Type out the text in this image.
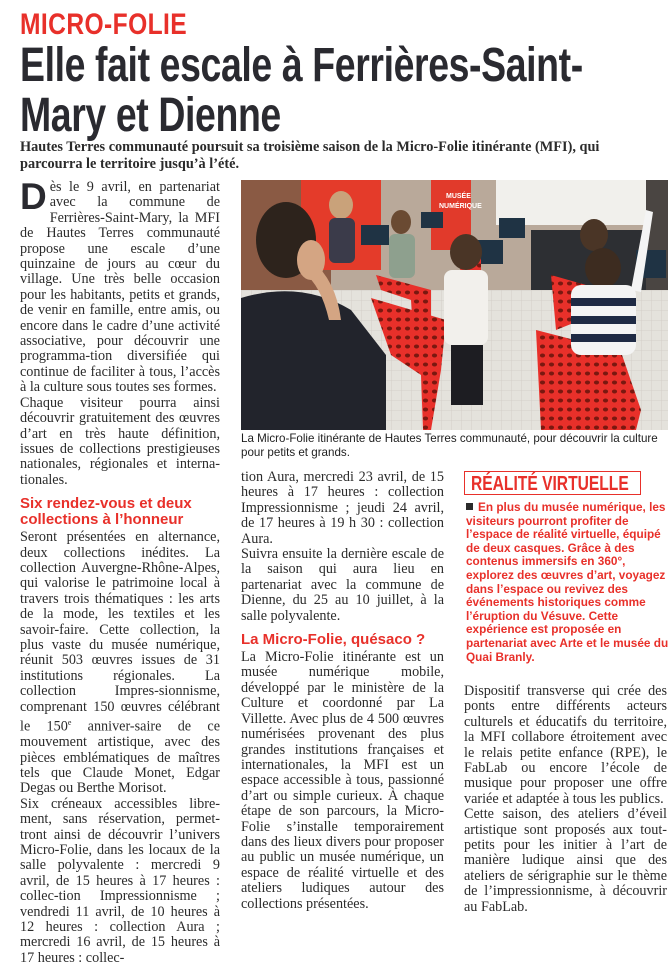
MICRO-FOLIE
Elle fait escale à Ferrières-Saint-Mary et Dienne
Hautes Terres communauté poursuit sa troisième saison de la Micro-Folie itinérante (MFI), qui parcourra le territoire jusqu’à l’été.

Dès le 9 avril, en partenariat avec la commune de Ferrières-Saint-Mary, la MFI de Hautes Terres communauté propose une escale d’une quinzaine de jours au cœur du village. Une très belle occasion pour les habitants, petits et grands, de venir en famille, entre amis, ou encore dans le cadre d’une activité associative, pour découvrir une programma-tion diversifiée qui continue de faciliter à tous, l’accès à la culture sous toutes ses formes.

Chaque visiteur pourra ainsi découvrir gratuitement des œuvres d’art en très haute définition, issues de collections prestigieuses nationales, régionales et interna-tionales.

Six rendez-vous et deux collections à l’honneur

Seront présentées en alternance, deux collections inédites. La collection Auvergne-Rhône-Alpes, qui valorise le patrimoine local à travers trois thématiques : les arts de la mode, les textiles et les savoir-faire. Cette collection, la plus vaste du musée numérique, réunit 503 œuvres issues de 31 institutions régionales. La collection Impres-sionnisme, comprenant 150 œuvres célébrant le 150e anniver-saire de ce mouvement artistique, avec des pièces emblématiques de maîtres tels que Claude Monet, Edgar Degas ou Berthe Morisot.

Six créneaux accessibles libre-ment, sans réservation, permet-tront ainsi de découvrir l’univers Micro-Folie, dans les locaux de la salle polyvalente : mercredi 9 avril, de 15 heures à 17 heures : collec-tion Impressionnisme ; vendredi 11 avril, de 10 heures à 12 heures : collection Aura ; mercredi 16 avril, de 15 heures à 17 heures : collec-

MUSÉE
NUMÉRIQUE
La Micro-Folie itinérante de Hautes Terres communauté, pour découvrir la culture pour petits et grands.

tion Aura, mercredi 23 avril, de 15 heures à 17 heures : collection Impressionnisme ; jeudi 24 avril, de 17 heures à 19 h 30 : collection Aura.

Suivra ensuite la dernière escale de la saison qui aura lieu en partenariat avec la commune de Dienne, du 25 au 10 juillet, à la salle polyvalente.

La Micro-Folie, quésaco ?

La Micro-Folie itinérante est un musée numérique mobile, développé par le ministère de la Culture et coordonné par La Villette. Avec plus de 4 500 œuvres numérisées provenant des plus grandes institutions françaises et internationales, la MFI est un espace accessible à tous, passionné d’art ou simple curieux. À chaque étape de son parcours, la Micro-Folie s’installe temporairement dans des lieux divers pour proposer au public un musée numérique, un espace de réalité virtuelle et des ateliers ludiques autour des collections présentées.

RÉALITÉ VIRTUELLE
En plus du musée numérique, les visiteurs pourront profiter de l’espace de réalité virtuelle, équipé de deux casques. Grâce à des contenus immersifs en 360°, explorez des œuvres d’art, voyagez dans l’espace ou revivez des événements historiques comme l’éruption du Vésuve. Cette expérience est proposée en partenariat avec Arte et le musée du Quai Branly.

Dispositif transverse qui crée des ponts entre différents acteurs culturels et éducatifs du territoire, la MFI collabore étroitement avec le relais petite enfance (RPE), le FabLab ou encore l’école de musique pour proposer une offre variée et adaptée à tous les publics.

Cette saison, des ateliers d’éveil artistique sont proposés aux tout-petits pour les initier à l’art de manière ludique ainsi que des ateliers de sérigraphie sur le thème de l’impressionnisme, à découvrir au FabLab.
